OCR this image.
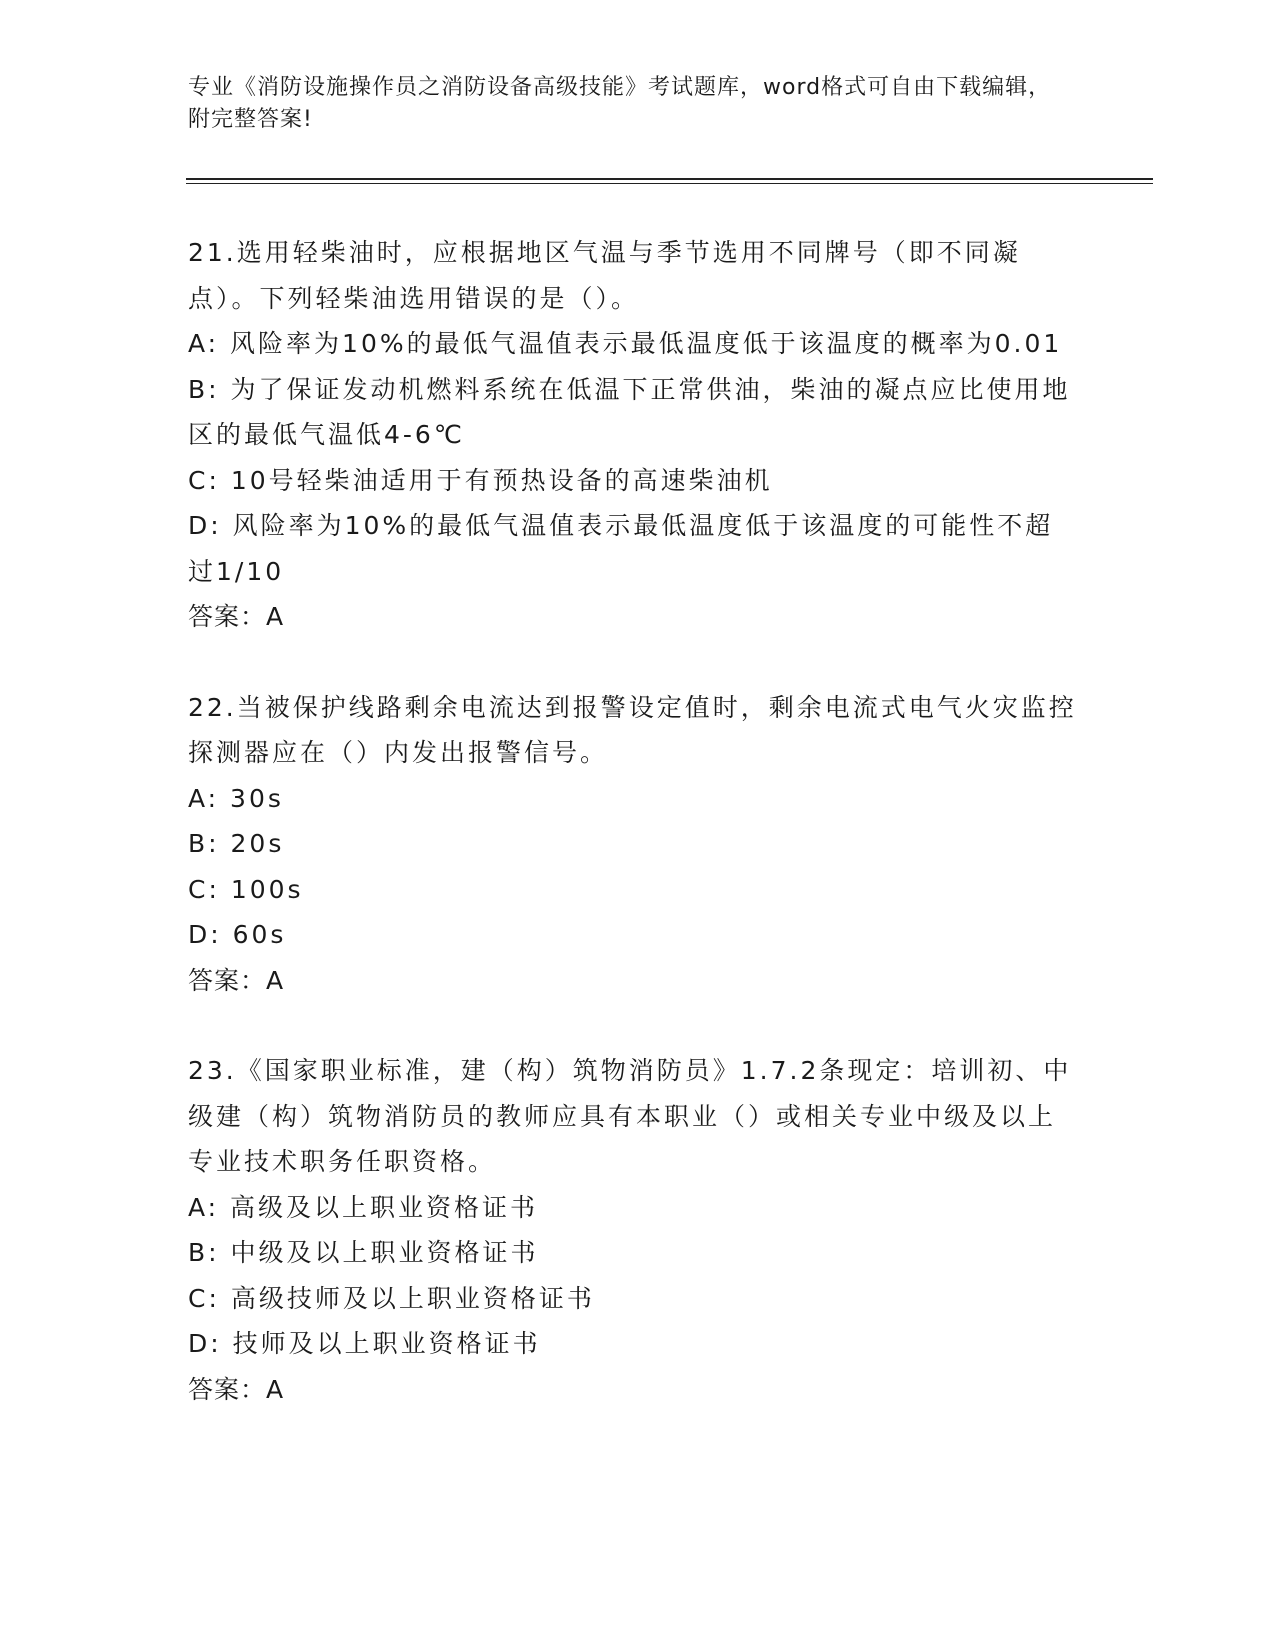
专业《消防设施操作员之消防设备高级技能》考试题库，word格式可自由下载编辑，附完整答案!

21.选用轻柴油时，应根据地区气温与季节选用不同牌号（即不同凝点）。下列轻柴油选用错误的是（）。

A: 风险率为10%的最低气温值表示最低温度低于该温度的概率为0.01

B: 为了保证发动机燃料系统在低温下正常供油，柴油的凝点应比使用地区的最低气温低4-6℃

C: 10号轻柴油适用于有预热设备的高速柴油机

D: 风险率为10%的最低气温值表示最低温度低于该温度的可能性不超过1/10

答案：A

22.当被保护线路剩余电流达到报警设定值时，剩余电流式电气火灾监控探测器应在（）内发出报警信号。

A: 30s

B: 20s

C: 100s

D: 60s

答案：A

23.《国家职业标准，建（构）筑物消防员》1.7.2条现定：培训初、中级建（构）筑物消防员的教师应具有本职业（）或相关专业中级及以上专业技术职务任职资格。

A: 高级及以上职业资格证书

B: 中级及以上职业资格证书

C: 高级技师及以上职业资格证书

D: 技师及以上职业资格证书

答案：A
